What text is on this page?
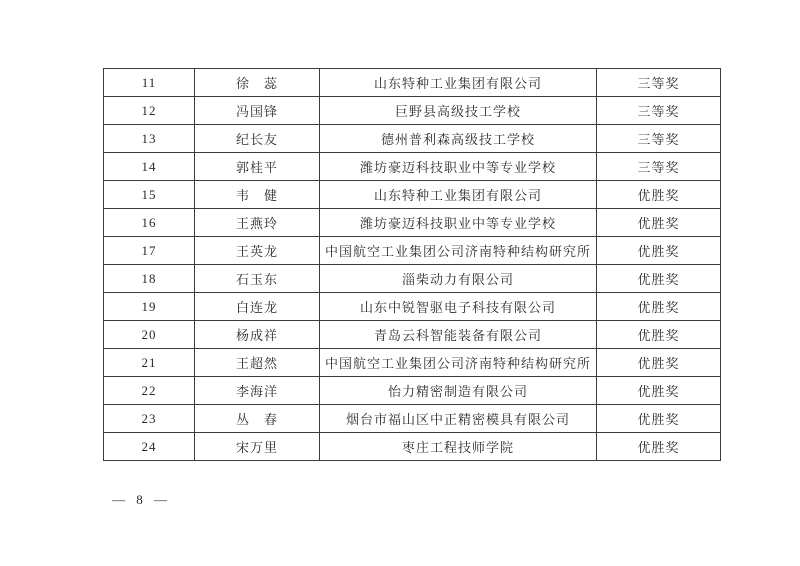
11	徐　蕊	山东特种工业集团有限公司	三等奖
12	冯国锋	巨野县高级技工学校	三等奖
13	纪长友	德州普利森高级技工学校	三等奖
14	郭桂平	潍坊豪迈科技职业中等专业学校	三等奖
15	韦　健	山东特种工业集团有限公司	优胜奖
16	王燕玲	潍坊豪迈科技职业中等专业学校	优胜奖
17	王英龙	中国航空工业集团公司济南特种结构研究所	优胜奖
18	石玉东	淄柴动力有限公司	优胜奖
19	白连龙	山东中锐智驱电子科技有限公司	优胜奖
20	杨成祥	青岛云科智能装备有限公司	优胜奖
21	王超然	中国航空工业集团公司济南特种结构研究所	优胜奖
22	李海洋	怡力精密制造有限公司	优胜奖
23	丛　春	烟台市福山区中正精密模具有限公司	优胜奖
24	宋万里	枣庄工程技师学院	优胜奖
— 8 —
